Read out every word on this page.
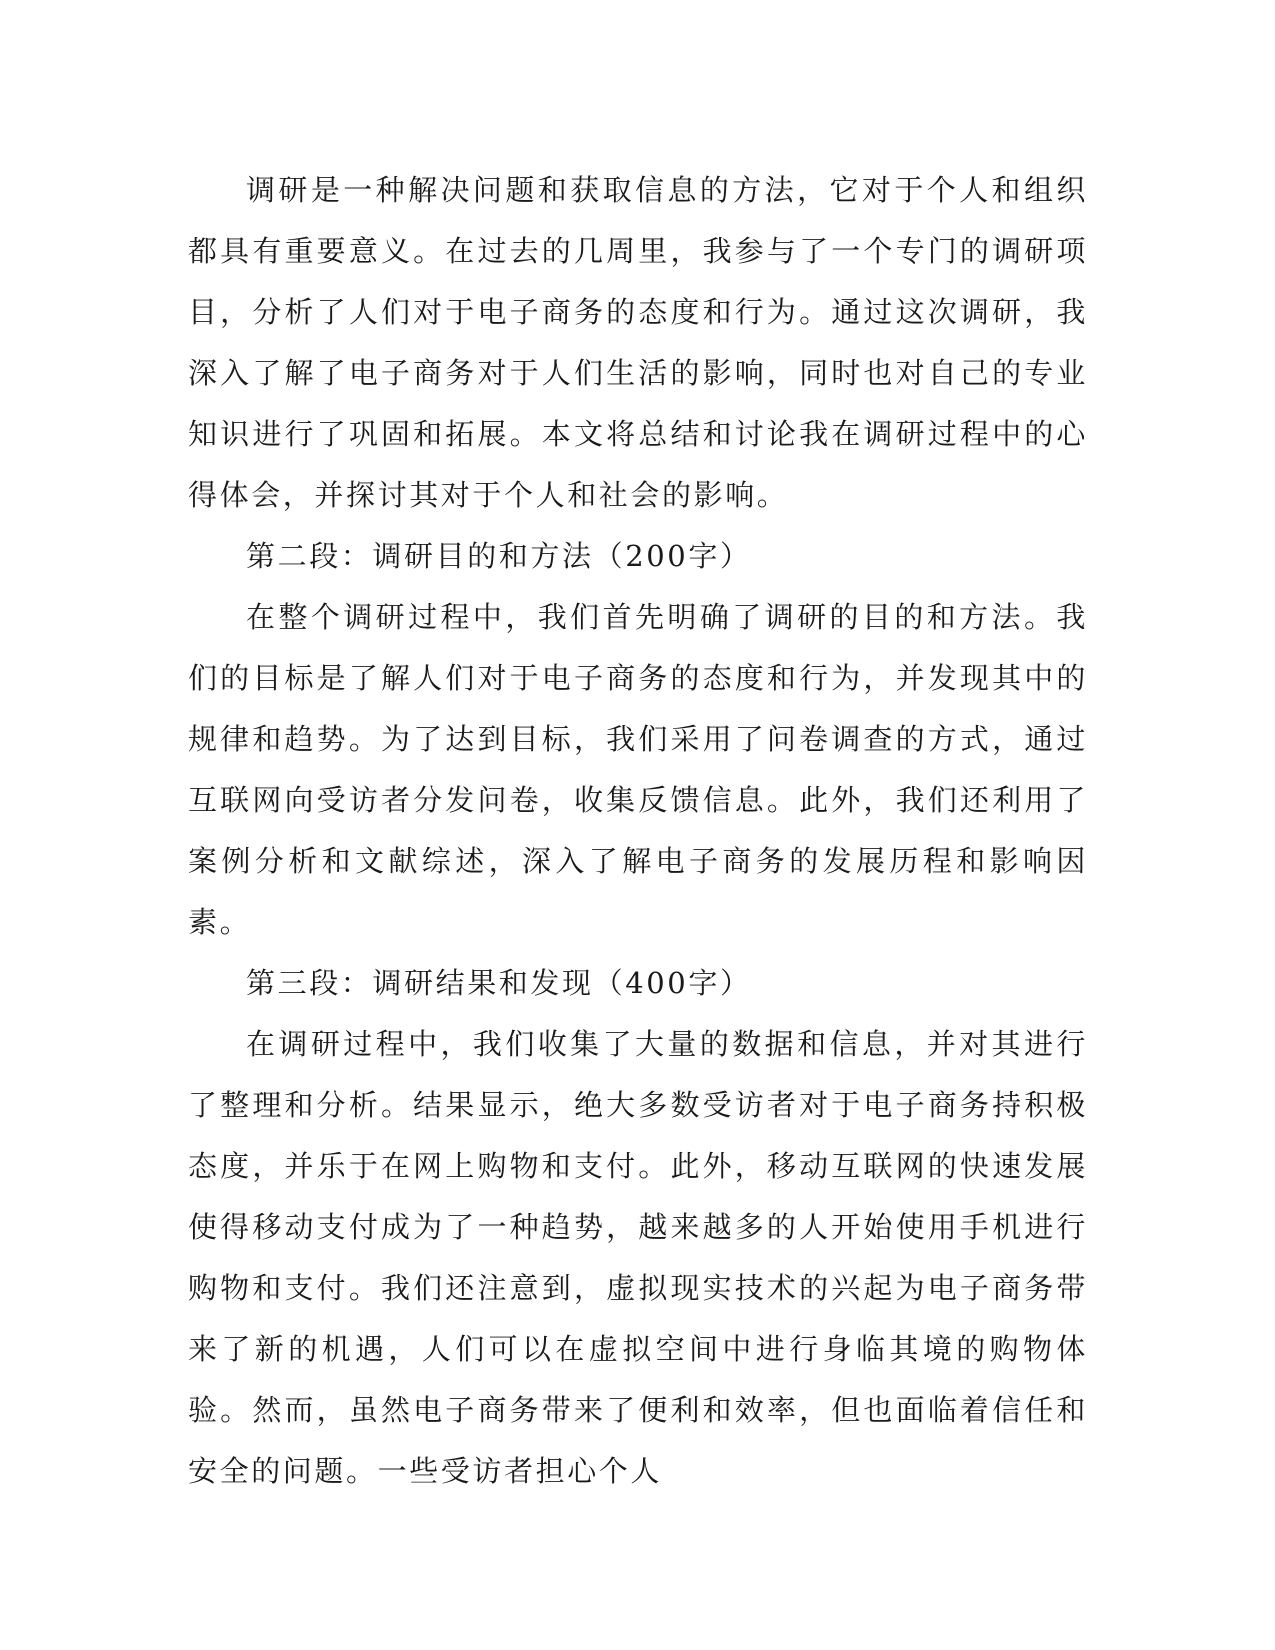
调研是一种解决问题和获取信息的方法，它对于个人和组织都具有重要意义。在过去的几周里，我参与了一个专门的调研项目，分析了人们对于电子商务的态度和行为。通过这次调研，我深入了解了电子商务对于人们生活的影响，同时也对自己的专业知识进行了巩固和拓展。本文将总结和讨论我在调研过程中的心得体会，并探讨其对于个人和社会的影响。

第二段：调研目的和方法（200字）

在整个调研过程中，我们首先明确了调研的目的和方法。我们的目标是了解人们对于电子商务的态度和行为，并发现其中的规律和趋势。为了达到目标，我们采用了问卷调查的方式，通过互联网向受访者分发问卷，收集反馈信息。此外，我们还利用了案例分析和文献综述，深入了解电子商务的发展历程和影响因素。

第三段：调研结果和发现（400字）

在调研过程中，我们收集了大量的数据和信息，并对其进行了整理和分析。结果显示，绝大多数受访者对于电子商务持积极态度，并乐于在网上购物和支付。此外，移动互联网的快速发展使得移动支付成为了一种趋势，越来越多的人开始使用手机进行购物和支付。我们还注意到，虚拟现实技术的兴起为电子商务带来了新的机遇，人们可以在虚拟空间中进行身临其境的购物体验。然而，虽然电子商务带来了便利和效率，但也面临着信任和安全的问题。一些受访者担心个人
